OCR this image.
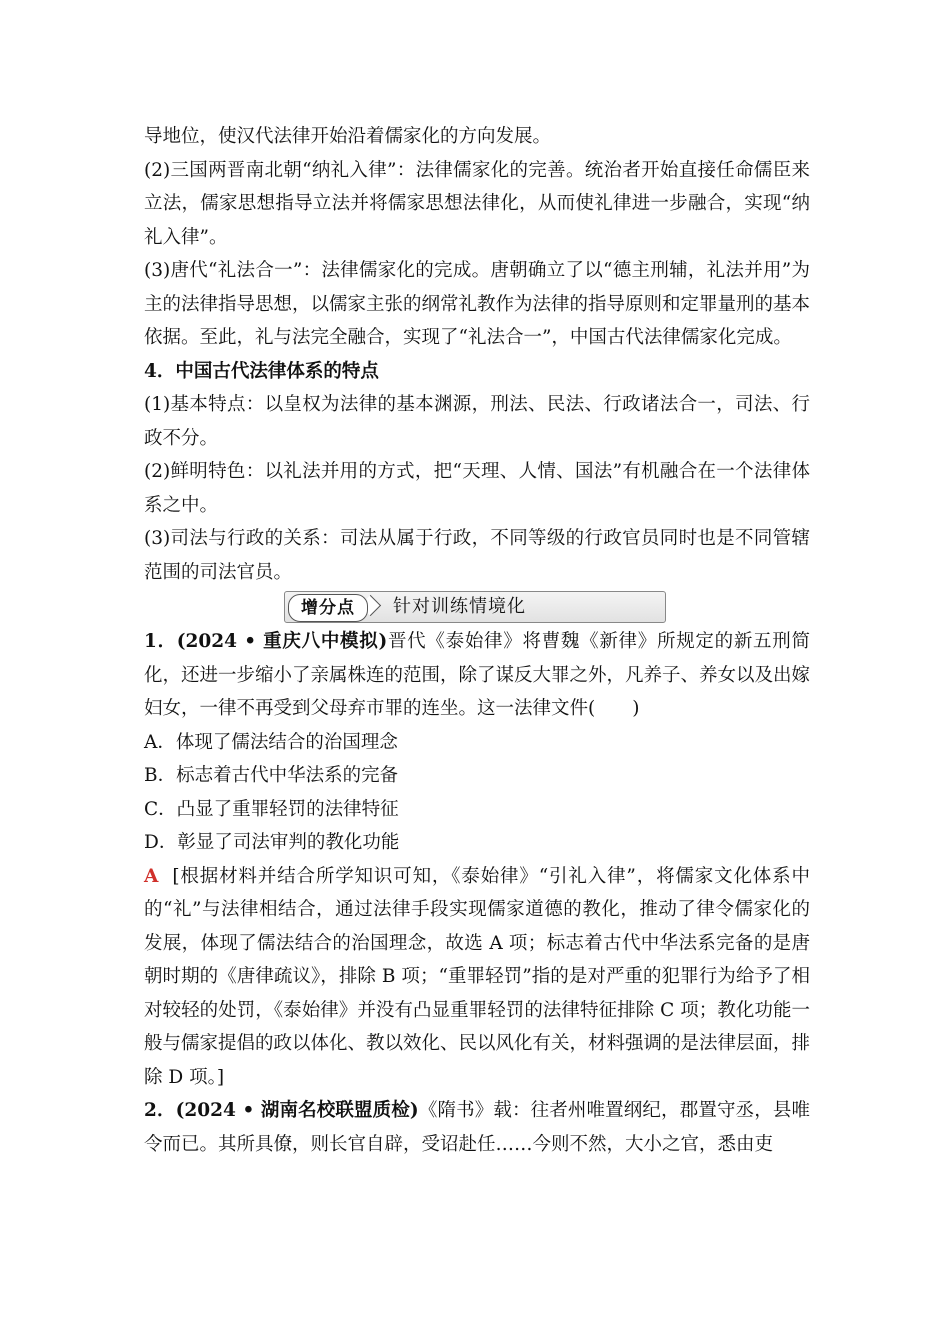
导地位，使汉代法律开始沿着儒家化的方向发展。

(2)三国两晋南北朝“纳礼入律”：法律儒家化的完善。统治者开始直接任命儒臣来立法，儒家思想指导立法并将儒家思想法律化，从而使礼律进一步融合，实现“纳礼入律”。

(3)唐代“礼法合一”：法律儒家化的完成。唐朝确立了以“德主刑辅，礼法并用”为主的法律指导思想，以儒家主张的纲常礼教作为法律的指导原则和定罪量刑的基本依据。至此，礼与法完全融合，实现了“礼法合一”，中国古代法律儒家化完成。

4．中国古代法律体系的特点

(1)基本特点：以皇权为法律的基本渊源，刑法、民法、行政诸法合一，司法、行政不分。

(2)鲜明特色：以礼法并用的方式，把“天理、人情、国法”有机融合在一个法律体系之中。

(3)司法与行政的关系：司法从属于行政，不同等级的行政官员同时也是不同管辖范围的司法官员。

增分点	针对训练情境化

1．(2024 • 重庆八中模拟)晋代《泰始律》将曹魏《新律》所规定的新五刑简化，还进一步缩小了亲属株连的范围，除了谋反大罪之外，凡养子、养女以及出嫁妇女，一律不再受到父母弃市罪的连坐。这一法律文件(　　)

A．体现了儒法结合的治国理念

B．标志着古代中华法系的完备

C．凸显了重罪轻罚的法律特征

D．彰显了司法审判的教化功能

A [根据材料并结合所学知识可知，《泰始律》“引礼入律”，将儒家文化体系中的“礼”与法律相结合，通过法律手段实现儒家道德的教化，推动了律令儒家化的发展，体现了儒法结合的治国理念，故选 A 项；标志着古代中华法系完备的是唐朝时期的《唐律疏议》，排除 B 项；“重罪轻罚”指的是对严重的犯罪行为给予了相对较轻的处罚，《泰始律》并没有凸显重罪轻罚的法律特征排除 C 项；教化功能一般与儒家提倡的政以体化、教以效化、民以风化有关，材料强调的是法律层面，排除 D 项。]

2．(2024 • 湖南名校联盟质检)《隋书》载：往者州唯置纲纪，郡置守丞，县唯令而已。其所具僚，则长官自辟，受诏赴任……今则不然，大小之官，悉由吏
